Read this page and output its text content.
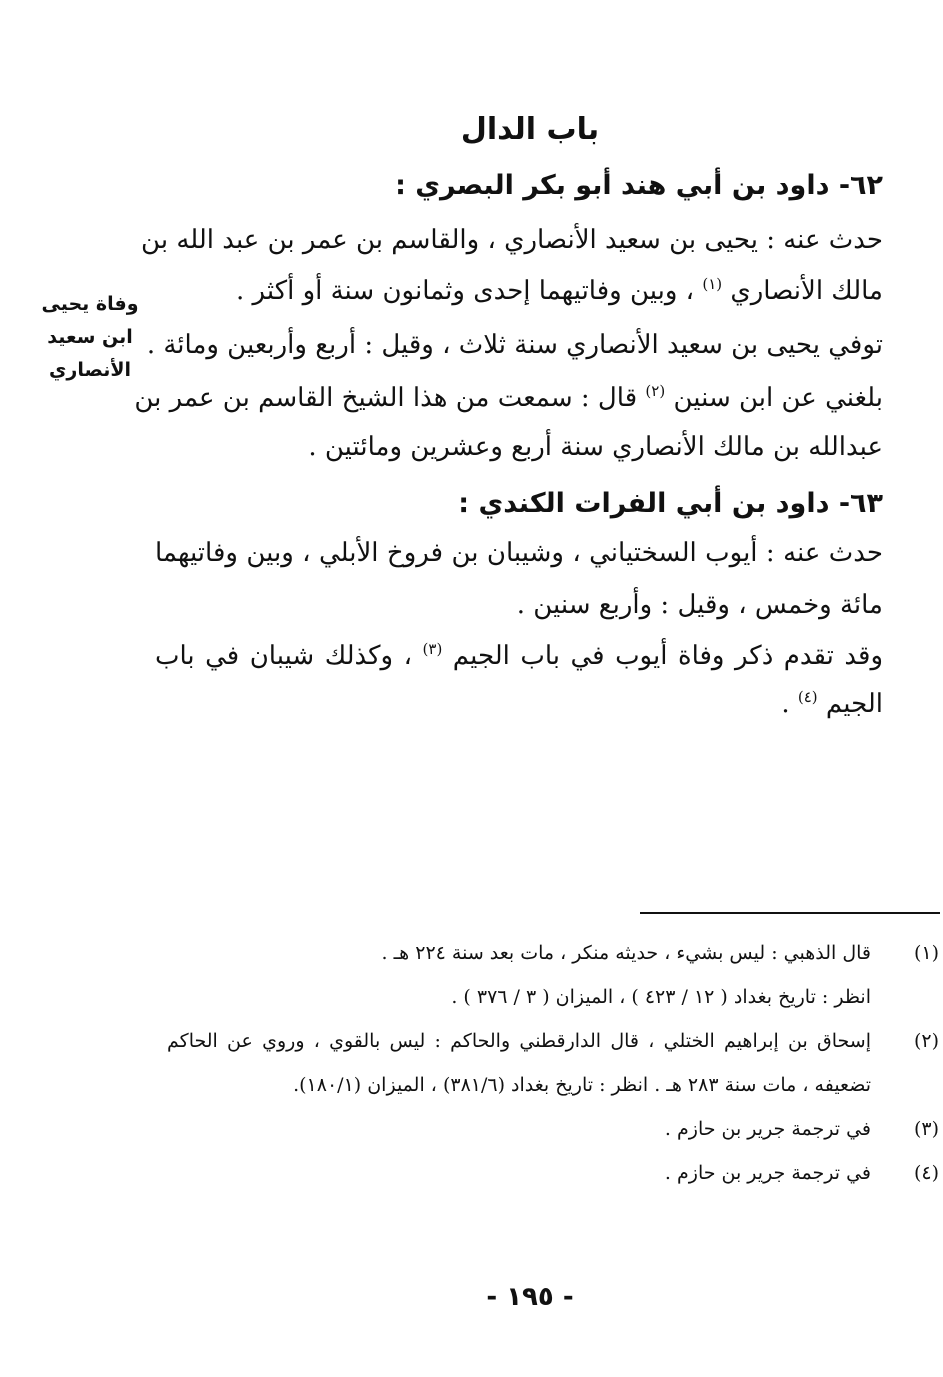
باب الدال
٦٢- داود بن أبي هند أبو بكر البصري :
حدث عنه : يحيى بن سعيد الأنصاري ، والقاسم بن عمر بن عبد الله بن
مالك الأنصاري $^{(١)}$ ، وبين وفاتيهما إحدى وثمانون سنة أو أكثر .
توفي يحيى بن سعيد الأنصاري سنة ثلاث ، وقيل : أربع وأربعين ومائة .
بلغني عن ابن سنين $^{(٢)}$ قال : سمعت من هذا الشيخ القاسم بن عمر بن
عبدالله بن مالك الأنصاري سنة أربع وعشرين ومائتين .
وفاة يحيى
ابن سعيد
الأنصاري
٦٣- داود بن أبي الفرات الكندي :
حدث عنه : أيوب السختياني ، وشيبان بن فروخ الأبلي ، وبين وفاتيهما
مائة وخمس ، وقيل : وأربع سنين .
وقد تقدم ذكر وفاة أيوب في باب الجيم $^{(٣)}$ ، وكذلك شيبان في باب
الجيم $^{(٤)}$ .
(١)
قال الذهبي : ليس بشيء ، حديثه منكر ، مات بعد سنة ٢٢٤ هـ .
انظر : تاريخ بغداد ( ١٢ / ٤٢٣ ) ، الميزان ( ٣ / ٣٧٦ ) .
(٢)
إسحاق بن إبراهيم الختلي ، قال الدارقطني والحاكم : ليس بالقوي ، وروي عن الحاكم
تضعيفه ، مات سنة ٢٨٣ هـ . انظر : تاريخ بغداد (٣٨١/٦) ، الميزان (١٨٠/١).
(٣)
في ترجمة جرير بن حازم .
(٤)
في ترجمة جرير بن حازم .
- ١٩٥ -
